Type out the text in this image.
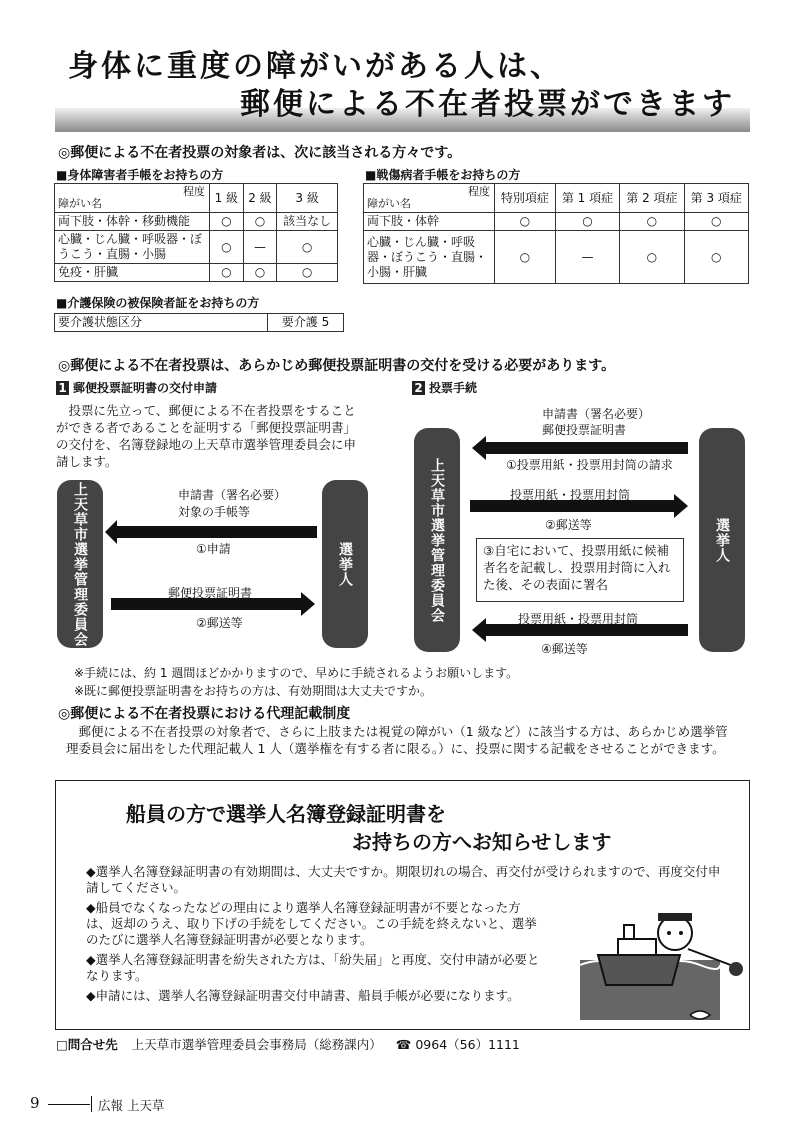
身体に重度の障がいがある人は、
郵便による不在者投票ができます
◎郵便による不在者投票の対象者は、次に該当される方々です。
■身体障害者手帳をお持ちの方
程度
障がい名	1 級	2 級	3 級
両下肢・体幹・移動機能	○	○	該当なし
心臓・じん臓・呼吸器・ぼうこう・直腸・小腸	○	—	○
免疫・肝臓	○	○	○
■戦傷病者手帳をお持ちの方
程度
障がい名	特別項症	第 1 項症	第 2 項症	第 3 項症
両下肢・体幹	○	○	○	○
心臓・じん臓・呼吸器・ぼうこう・直腸・小腸・肝臓	○	—	○	○
■介護保険の被保険者証をお持ちの方
要介護状態区分	要介護 5
◎郵便による不在者投票は、あらかじめ郵便投票証明書の交付を受ける必要があります。
1 郵便投票証明書の交付申請
　投票に先立って、郵便による不在者投票をすることができる者であることを証明する「郵便投票証明書」の交付を、名簿登録地の上天草市選挙管理委員会に申請します。
上天草市選挙管理委員会	選挙人
申請書（署名必要）
対象の手帳等
①申請
郵便投票証明書
②郵送等
2 投票手続
上天草市選挙管理委員会	選挙人
申請書（署名必要）
郵便投票証明書
①投票用紙・投票用封筒の請求
投票用紙・投票用封筒
②郵送等
③自宅において、投票用紙に候補者名を記載し、投票用封筒に入れた後、その表面に署名
投票用紙・投票用封筒
④郵送等
※手続には、約 1 週間ほどかかりますので、早めに手続されるようお願いします。
※既に郵便投票証明書をお持ちの方は、有効期間は大丈夫ですか。
◎郵便による不在者投票における代理記載制度
　郵便による不在者投票の対象者で、さらに上肢または視覚の障がい（1 級など）に該当する方は、あらかじめ選挙管理委員会に届出をした代理記載人 1 人（選挙権を有する者に限る。）に、投票に関する記載をさせることができます。
船員の方で選挙人名簿登録証明書を
お持ちの方へお知らせします
◆選挙人名簿登録証明書の有効期間は、大丈夫ですか。期限切れの場合、再交付が受けられますので、再度交付申請してください。
◆船員でなくなったなどの理由により選挙人名簿登録証明書が不要となった方は、返却のうえ、取り下げの手続をしてください。この手続を終えないと、選挙のたびに選挙人名簿登録証明書が必要となります。
◆選挙人名簿登録証明書を紛失された方は、「紛失届」と再度、交付申請が必要となります。
◆申請には、選挙人名簿登録証明書交付申請書、船員手帳が必要になります。
□問合せ先 上天草市選挙管理委員会事務局（総務課内） ☎ 0964（56）1111
9	広報 上天草
